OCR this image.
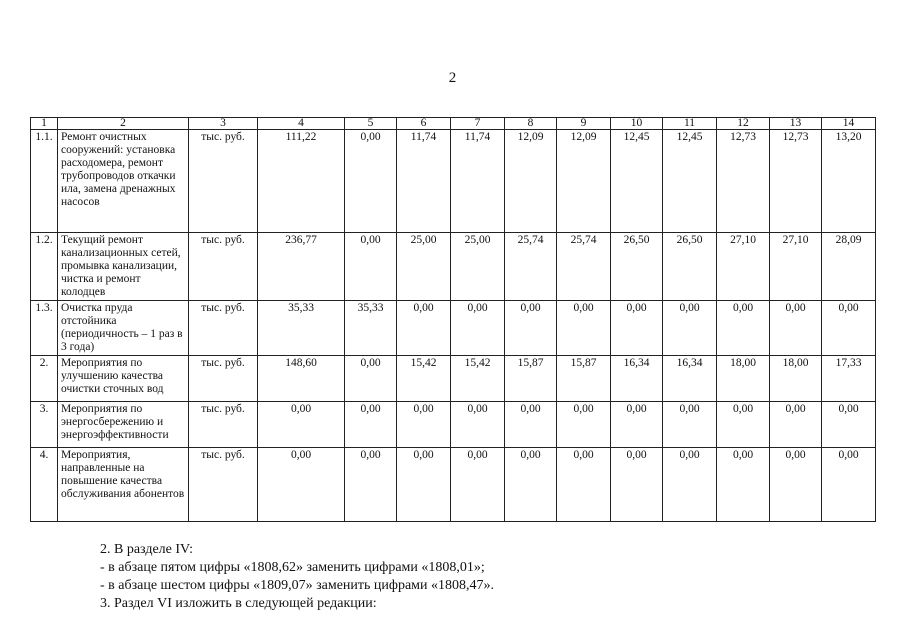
2
1	2	3	4	5	6	7	8	9	10	11	12	13	14
1.1.	Ремонт очистных сооружений: установка расходомера, ремонт трубопроводов откачки ила, замена дренажных насосов	тыс. руб.	111,22	0,00	11,74	11,74	12,09	12,09	12,45	12,45	12,73	12,73	13,20
1.2.	Текущий ремонт канализационных сетей, промывка канализации, чистка и ремонт колодцев	тыс. руб.	236,77	0,00	25,00	25,00	25,74	25,74	26,50	26,50	27,10	27,10	28,09
1.3.	Очистка пруда отстойника (периодичность – 1 раз в 3 года)	тыс. руб.	35,33	35,33	0,00	0,00	0,00	0,00	0,00	0,00	0,00	0,00	0,00
2.	Мероприятия по улучшению качества очистки сточных вод	тыс. руб.	148,60	0,00	15,42	15,42	15,87	15,87	16,34	16,34	18,00	18,00	17,33
3.	Мероприятия по энергосбережению и энергоэффективности	тыс. руб.	0,00	0,00	0,00	0,00	0,00	0,00	0,00	0,00	0,00	0,00	0,00
4.	Мероприятия, направленные на повышение качества обслуживания абонентов	тыс. руб.	0,00	0,00	0,00	0,00	0,00	0,00	0,00	0,00	0,00	0,00	0,00
2. В разделе IV:
- в абзаце пятом цифры «1808,62» заменить цифрами «1808,01»;
- в абзаце шестом цифры «1809,07» заменить цифрами «1808,47».
3. Раздел VI изложить в следующей редакции:
